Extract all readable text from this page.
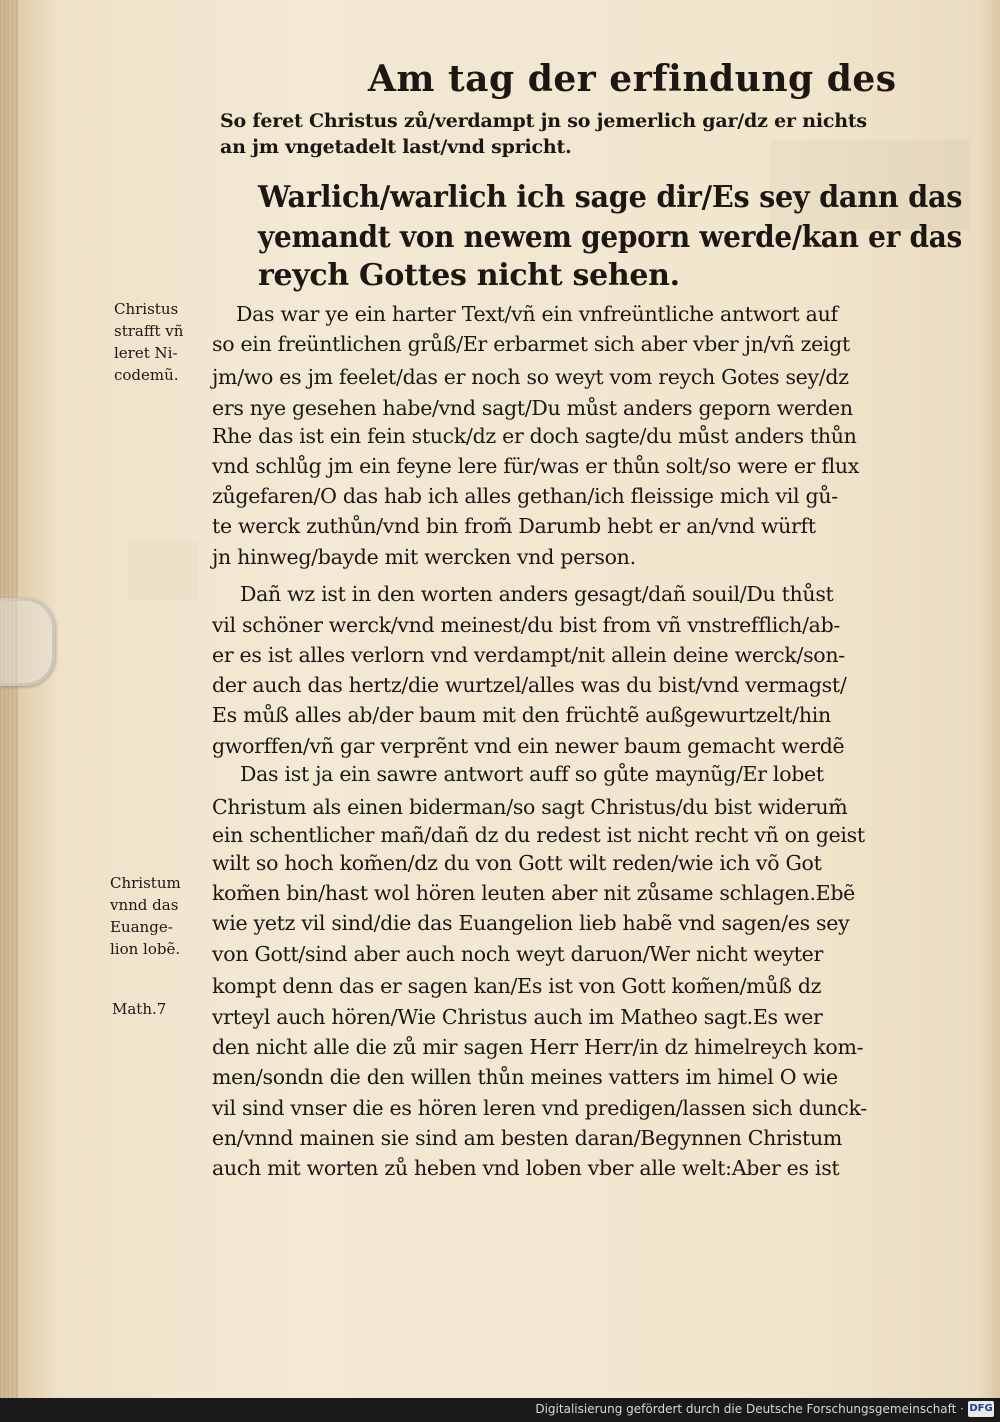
Am tag der erfindung des
So feret Christus zů/verdampt jn so jemerlich gar/dz er nichts
an jm vngetadelt last/vnd spricht.
Warlich/warlich ich sage dir/Es sey dann das
yemandt von newem geporn werde/kan er das
reych Gottes nicht sehen.
Das war ye ein harter Text/vñ ein vnfreüntliche antwort auf
so ein freüntlichen grůß/Er erbarmet sich aber vber jn/vñ zeigt
jm/wo es jm feelet/das er noch so weyt vom reych Gotes sey/dz
ers nye gesehen habe/vnd sagt/Du můst anders geporn werden
Rhe das ist ein fein stuck/dz er doch sagte/du můst anders thůn
vnd schlůg jm ein feyne lere für/was er thůn solt/so were er flux
zůgefaren/O das hab ich alles gethan/ich fleissige mich vil gů-
te werck zuthůn/vnd bin from̃ Darumb hebt er an/vnd würft
jn hinweg/bayde mit wercken vnd person.
Dañ wz ist in den worten anders gesagt/dañ souil/Du thůst
vil schöner werck/vnd meinest/du bist from vñ vnstrefflich/ab-
er es ist alles verlorn vnd verdampt/nit allein deine werck/son-
der auch das hertz/die wurtzel/alles was du bist/vnd vermagst/
Es můß alles ab/der baum mit den früchtẽ außgewurtzelt/hin
gworffen/vñ gar verprẽnt vnd ein newer baum gemacht werdẽ
Das ist ja ein sawre antwort auff so gůte maynũg/Er lobet
Christum als einen biderman/so sagt Christus/du bist widerum̃
ein schentlicher mañ/dañ dz du redest ist nicht recht vñ on geist
wilt so hoch kom̃en/dz du von Gott wilt reden/wie ich võ Got
kom̃en bin/hast wol hören leuten aber nit zůsame schlagen.Ebẽ
wie yetz vil sind/die das Euangelion lieb habẽ vnd sagen/es sey
von Gott/sind aber auch noch weyt daruon/Wer nicht weyter
kompt denn das er sagen kan/Es ist von Gott kom̃en/můß dz
vrteyl auch hören/Wie Christus auch im Matheo sagt.Es wer
den nicht alle die zů mir sagen Herr Herr/in dz himelreych kom-
men/sondn die den willen thůn meines vatters im himel O wie
vil sind vnser die es hören leren vnd predigen/lassen sich dunck-
en/vnnd mainen sie sind am besten daran/Begynnen Christum
auch mit worten zů heben vnd loben vber alle welt:Aber es ist
Christus
strafft vñ
leret Ni-
codemũ.
Christum
vnnd das
Euange-
lion lobẽ.
Math.7
Digitalisierung gefördert durch die Deutsche Forschungsgemeinschaft · DFG
